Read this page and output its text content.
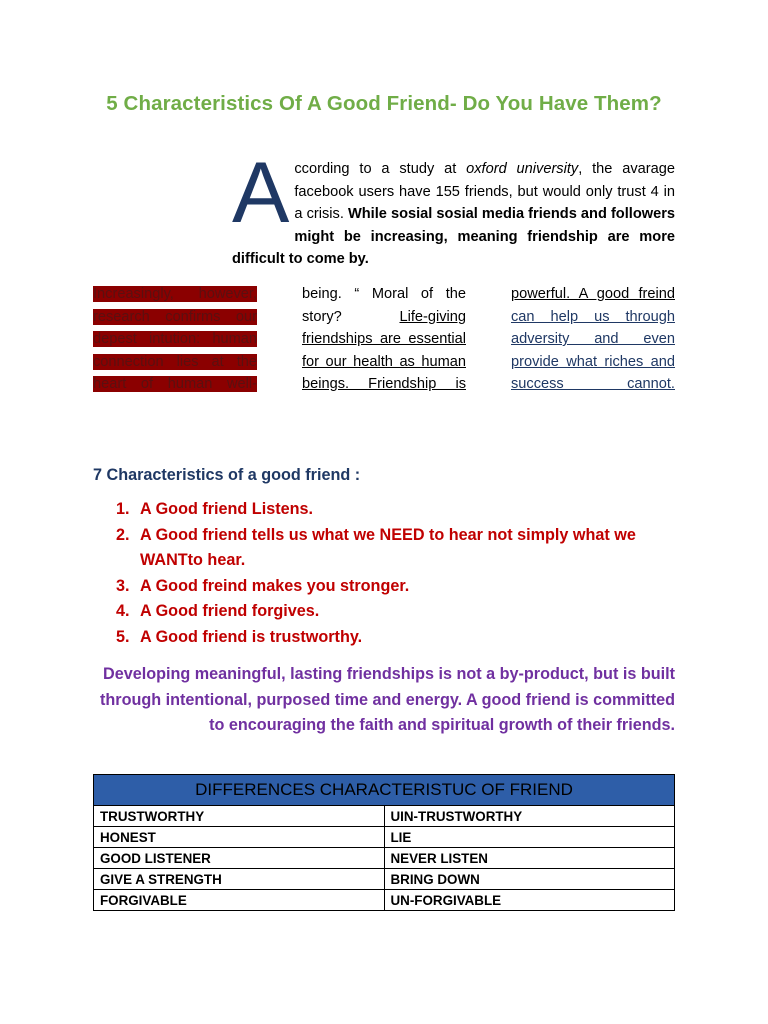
5 Characteristics Of A Good Friend- Do You Have Them?
According to a study at oxford university, the avarage facebook users have 155 friends, but would only trust 4 in a crisis. While sosial sosial media friends and followers might be increasing, meaning friendship are more difficult to come by.
Increasingly, however, research confirms our depest intution: human connection lies at the heart of human well-
being. “ Moral of the story? Life-giving friendships are essential for our health as human beings. Friendship is
powerful. A good freind can help us through adversity and even provide what riches and success cannot.
7 Characteristics of a good friend :
1. A Good friend Listens.
2. A Good friend tells us what we NEED to hear not simply what we WANTto hear.
3. A Good freind makes you stronger.
4. A Good friend forgives.
5. A Good friend is trustworthy.
Developing meaningful, lasting friendships is not a by-product, but is built through intentional, purposed time and energy. A good friend is committed to encouraging the faith and spiritual growth of their friends.
DIFFERENCES CHARACTERISTUC OF FRIEND	
TRUSTWORTHY	UIN-TRUSTWORTHY
HONEST	LIE
GOOD LISTENER	NEVER LISTEN
GIVE A STRENGTH	BRING DOWN
FORGIVABLE	UN-FORGIVABLE
